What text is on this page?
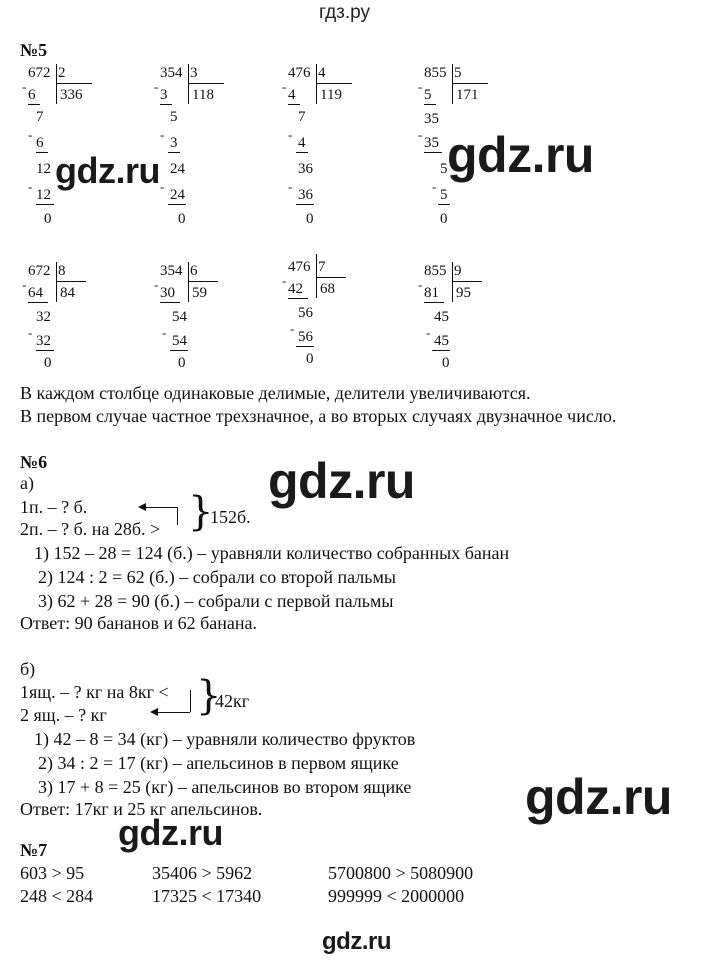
гдз.ру
№5
672 2
336
-
6
7
-
6
12
-
12
0
354 3
118
-
3
5
-
3
24
-
24
0
476 4
119
-
4
7
-
4
36
-
36
0
855 5
171
-
5
35
-
35
5
-
5
0
672 8
84
-
64
32
-
32
0
354 6
59
-
30
54
-
54
0
476 7
68
-
42
56
-
56
0
855 9
95
-
81
45
-
45
0
В каждом столбце одинаковые делимые, делители увеличиваются.
В первом случае частное трехзначное, а во вторых случаях двузначное число.
№6
а)
1п. – ? б.
2п. – ? б. на 28б. > }
152б.
1) 152 – 28 = 124 (б.) – уравняли количество собранных банан
2) 124 : 2 = 62 (б.) – собрали со второй пальмы
3) 62 + 28 = 90 (б.) – собрали с первой пальмы
Ответ: 90 бананов и 62 банана.
б)
1ящ. – ? кг на 8кг <
2 ящ. – ? кг }
42кг
1) 42 – 8 = 34 (кг) – уравняли количество фруктов
2) 34 : 2 = 17 (кг) – апельсинов в первом ящике
3) 17 + 8 = 25 (кг) – апельсинов во втором ящике
Ответ: 17кг и 25 кг апельсинов.
№7
603 > 95	35406 > 5962	5700800 > 5080900
248 < 284	17325 < 17340	999999 < 2000000
gdz.ru	gdz.ru
gdz.ru
gdz.ru
gdz.ru
gdz.ru
